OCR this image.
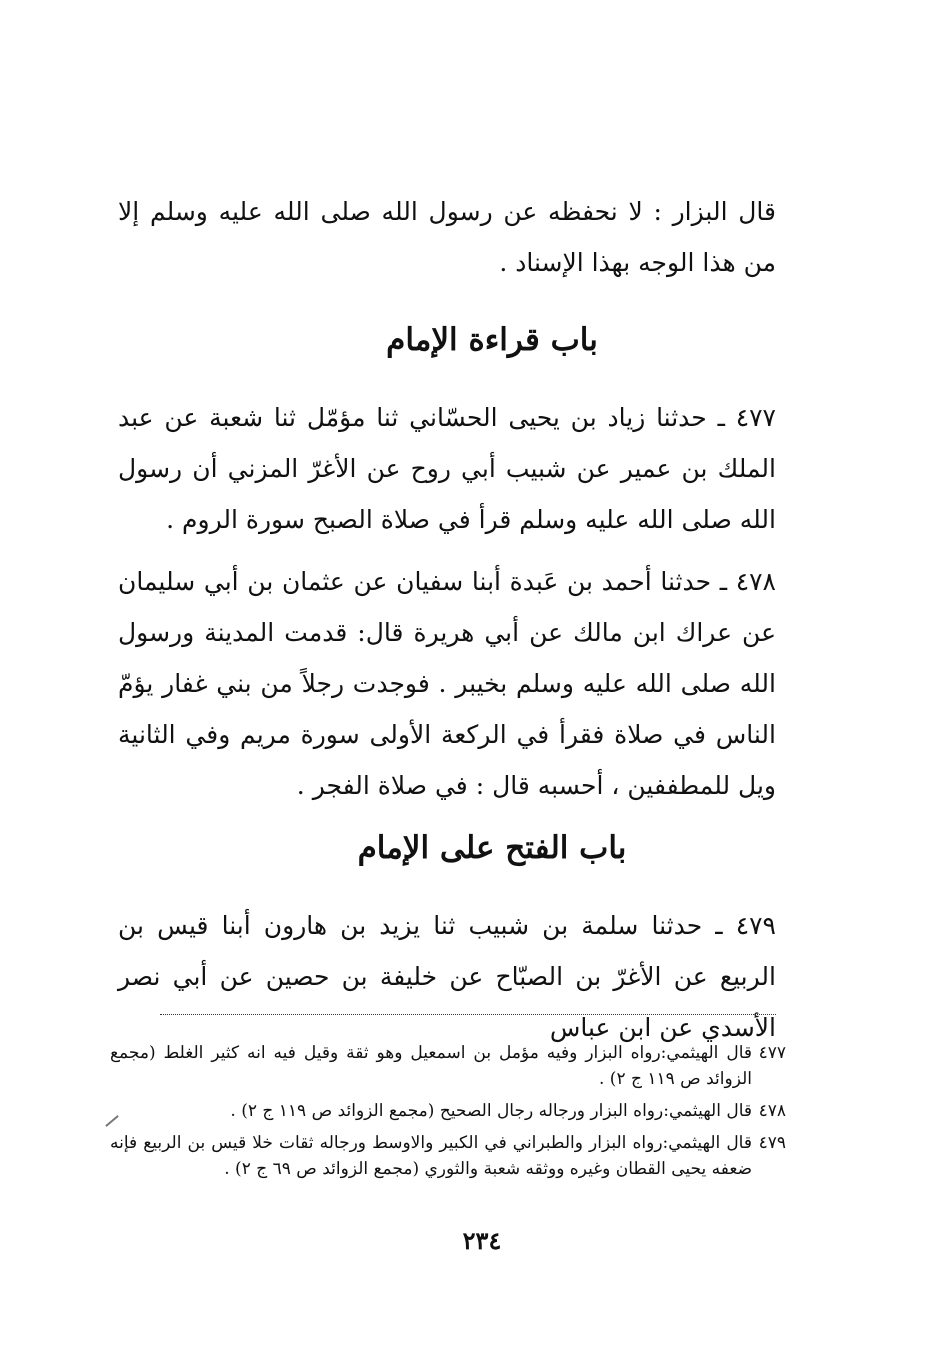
قال البزار : لا نحفظه عن رسول الله صلى الله عليه وسلم إلا من هذا الوجه بهذا الإسناد .
باب قراءة الإمام
٤٧٧ ـ حدثنا زياد بن يحيى الحسّاني ثنا مؤمّل ثنا شعبة عن عبد الملك بن عمير عن شبيب أبي روح عن الأغرّ المزني أن رسول الله صلى الله عليه وسلم قرأ في صلاة الصبح سورة الروم .
٤٧٨ ـ حدثنا أحمد بن عَبدة أبنا سفيان عن عثمان بن أبي سليمان عن عراك ابن مالك عن أبي هريرة قال: قدمت المدينة ورسول الله صلى الله عليه وسلم بخيبر . فوجدت رجلاً من بني غفار يؤمّ الناس في صلاة فقرأ في الركعة الأولى سورة مريم وفي الثانية ويل للمطففين ، أحسبه قال : في صلاة الفجر .
باب الفتح على الإمام
٤٧٩ ـ حدثنا سلمة بن شبيب ثنا يزيد بن هارون أبنا قيس بن الربيع عن الأغرّ بن الصبّاح عن خليفة بن حصين عن أبي نصر الأسدي عن ابن عباس
٤٧٧
قال الهيثمي:رواه البزار وفيه مؤمل بن اسمعيل وهو ثقة وقيل فيه انه كثير الغلط (مجمع الزوائد ص ١١٩ ج ٢) .
٤٧٨
قال الهيثمي:رواه البزار ورجاله رجال الصحيح (مجمع الزوائد ص ١١٩ ج ٢) .
٤٧٩
قال الهيثمي:رواه البزار والطبراني في الكبير والاوسط ورجاله ثقات خلا قيس بن الربيع فإنه ضعفه يحيى القطان وغيره ووثقه شعبة والثوري (مجمع الزوائد ص ٦٩ ج ٢) .
٢٣٤
